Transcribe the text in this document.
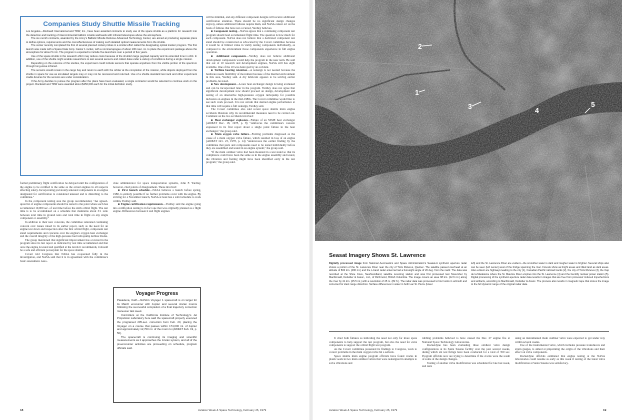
Companies Study Shuttle Missile Tracking

Los Angeles—Rockwell International and TRW, Inc., have been awarded contracts to study use of the space shuttle as a platform for research into the detection and tracking of intercontinental ballistic missile warheads with infrared telescopes above the atmosphere.

The six-month contracts, awarded by the Army's Ballistic Missile Defense Advanced Technology Center, are aimed at producing separate plans to define options, requirements and the cost effectiveness of making such detailed optical measurements from the shuttle.

The center recently completed the first of several planned rocket probes in a similar effort called the designating optical tracker program. The first launch was made with a Space Data Corp. Castor 1 rocket, with a nominal apogee of about 100 naut. mi. to place the experiment package above the atmosphere for about 5 min. The program is expected to include five launchers over a period of five years.

Use of the space shuttle in the research effort may reduce costs because of the shuttle's large payload capacity and its extended time in orbit. In addition, use of the shuttle might enable researchers to test several sensors and collect data under a variety of conditions during a single mission.

Depending on the outcome of the studies, the experiment could include sensors that operate anywhere from the visible portion of the spectrum through long-wave infrared.

The sensors would remain in the cargo bay and return to earth with the orbiter at the completion of the mission, while objects deployed from the shuttle in space for use as simulated targets may or may not be recovered and returned. Use of a shuttle standard test rack and other experiment cradle devices for the sensors are under consideration.

If the Army decides to pursue the program after the plans have been evaluated, a single contractor would be selected to continue work on the project. Rockwell and TRW were awarded about $250,000 each for the initial definition study.

formal preliminary flight certification be delayed until the configuration of the engine to be certified is the same as the actual engines in all respects affecting safety. Incorporating previously untested components in an engine designated for certification is considered unusual and is disturbing to the committee."

In the component testing area the group recommended, "An agreed-upon list of engine components should be tested to the point where each has accumulated 10,000 sec. of test time before the sixth orbital flight. The test time is to be accumulated on a schedule that maintains about 3:1 ratio between total time in ground tests and total time in flight on any single component or assembly."

In addition to their new concerns, the committee reiterated continuing concern over issues raised in its earlier report, such as the need for an engine test down and inspection after the first orbital flight, component test stand requirements and concerns over the engine's oxygen heat exchanger and the overall integrity of the high-pressure fuel turbopump turbine blades.

The group mentioned that significant improvement has occurred in the program since its last report as indicated by test time accumulated and that once the engine is tested and qualified at the levels it recommends, it should be a safe and efficient powerplant for the space shuttle.

Covert told Congress that NASA has cooperated fully in the investigation, and NASA said that it is in agreement with the committee's basic assessment. Asso-

ciate administrator for space transportation systems, John F. Yardley, however, cited points of disagreement. These involved:

■ First launch schedule—NASA believes a launch before spring, 1980, is entirely possible if no further problems occur with the engine. By striving for a November launch, NASA at least has a solid schedule to work within, Yardley said.

■ Engine certification requirements—Yardley said the engine going into certification testing is in fact one that was originally planned as a flight engine. Differences between it and flight engines

Voyager Progress

Pasadena, Calif.—NASA's Voyager 1 spacecraft is on target for its March encounter with Jupiter and several Jovian moons following the successful completion of a final trajectory correction maneuver last week.

Controllers at the California Institute of Technology's Jet Propulsion Laboratory here said the spacecraft properly executed the programed 205-sec. correction burn Feb. 20, placing the Voyager on a course that passes within 174,000 mi. of Jupiter and approximately 12,700 mi. of the moon Io (AW&ST Feb. 19, p. 50).

The spacecraft is continuing its imaging and scientific measurements as it approaches the Jovian system, and all of the preencounter activities are proceeding on schedule, program officials said.

will be minimal, and any different component designs will receive additional certification attention. There should be no significant design changes anyway, unless additional failures require them, and NASA cannot act on the basis of failures that have not occurred, Yardley believes.

■ Component testing—NASA agrees that a continuing component test program should lead accumulated flight time. The question is how much for each component. NASA does not believe that a dedicated component test stand should be constructed as advocated by the Covert committee because it would be of limited value in viably testing components individually, as compared to the environment those components experience in full engine operation.

■ Additional components—Yardley does not believe additional development components would help the program in the near term. He said that out of 10 research and development engines, NASA still has eight available. One of the 10 was destroyed by an accident.

■ Turbine bearing retention—A redesign is not needed because the hardware needs flexibility of movement because of the thermal environment in this area, Yardley said. A dry lubricant appears to be solving earlier problems, he noted.

■ New development—A new heat exchanger design is being evaluated and can be incorporated later in the program. Yardley does not agree that significant development now should proceed on design, development and testing of an alternative high-pressure oxygen turbopump for possible inclusion on engines in the mid-1980s. The Covert committee would like to see such work proceed. It is not certain that desired engine performance at that time will require a full redesign, Yardley said.

The Covert committee also said recent space shuttle main engine accidents illustrate why its recommended measures need to be carried out. Comment on the two accidents involved:

■ Heat exchanger explosion—Failure of an SSME heat exchanger (AW&ST Dec. 18, 1978, p. 8) "reinforces the committee's concern expressed in its first report about a single point failure in the heat exchanger," the group said.

■ Main oxygen valve failure—Fretting problems diagnosed as the cause of a main oxygen valve failure, which resulted in loss of an engine (AW&ST Oct. 23, 1978, p. 14) "underscores the earlier finding by the committee that parts and components need to be tested individually before they are assembled and tested in an engine system," the group said.

"If the main oxidizer valve had been mounted in a test stand so that its compliance could have been the same as in the engine assembly and tested, the vibration and fretting might have been identified early in the test program," the group said.

18	Aviation Week & Space Technology, February 26, 1979
2
1
3
4
5
Seasat Imagery Shows St. Lawrence
Digitally processed image from National Aeronautics and Space Administration's Seasat-A synthetic aperture radar shows a portion of the St. Lawrence River near the city of Trois Rivieres, Quebec. The satellite passed overhead at an altitude of 800 km. (496 mi.) and the L-band radar antenna had a boresight angle of 20 deg. from the nadir. The data was recorded at the Shoe Cove, Newfoundland, satellite receiving station and was first processed last November by MacDonald, Dettwiler & Assoc., Ltd., of Richmond, British Columbia. The image covers an area 38 km. (22.6 mi.) along the river by 41 km. (25.5 mi.) with a resolution of 25 m. (82 ft.). The radar data was processed to four looks in azimuth and corrected for slant range distortion. Surface differences in water in both Lac St. Pierre (lower
left) and the St. Lawrence River are evident—the smoother water is dark and rougher water is brighter. Several ships also can be seen (left center) west of the bridge spanning the river. Forests show as bright areas and tilled land as dark areas. Also evident are highways leading to the city (1), Canadian Pacific railroad tracks (2), the city of Trois Rivieres (3), the Cap de la Madeleine where the St. Maurice River empties into the St. Lawrence (4) and the Gentilly nuclear power station (5). Digital processing of the synthetic aperture radar data results in images that are free from processor induced imperfections and artifacts, according to MacDonald, Dettwiler & Assoc. The process also results in magnetic tape that stores the image to the full dynamic range of the original radar data.

It cited both failures as indicating the need not only for more spare components to help support the test program, but also the need for extra components to support the orbital flight test program.

As the Covert committee presented its findings to Congress, work to correct problems in the main oxygen valve hit a setback.

Space shuttle main engine program officials have found cracks in plastic seals in two main oxidizer valves that were redesigned in attempts to solve vibrations and

rubbing problems believed to have caused the Dec. 27 engine fire at National Space Technology Laboratories.

Rocketdyne has been evaluating three oxidizer valve design configurations at its Santa Susana facility over the past several weeks, during which six test firings have been conducted for a total of 350 sec. Program officials now are trying to determine if the cracks were the result of some of the design changes.

Testing of another valve modification was scheduled for late last week, and tests

using an instrumented main oxidizer valve were expected to get under way within several weeks.

Use of the instrumented valve, which includes pressure transducers and strain gauges, is aimed at pinpointing the origin of the vibrations and their effect on valve components.

Rocketdyne officials estimated that engine testing at the NASA laboratories could resume as early as this week if testing of the latest valve modification at Santa Susana was satisfactory.

Aviation Week & Space Technology, February 26, 1979	19
